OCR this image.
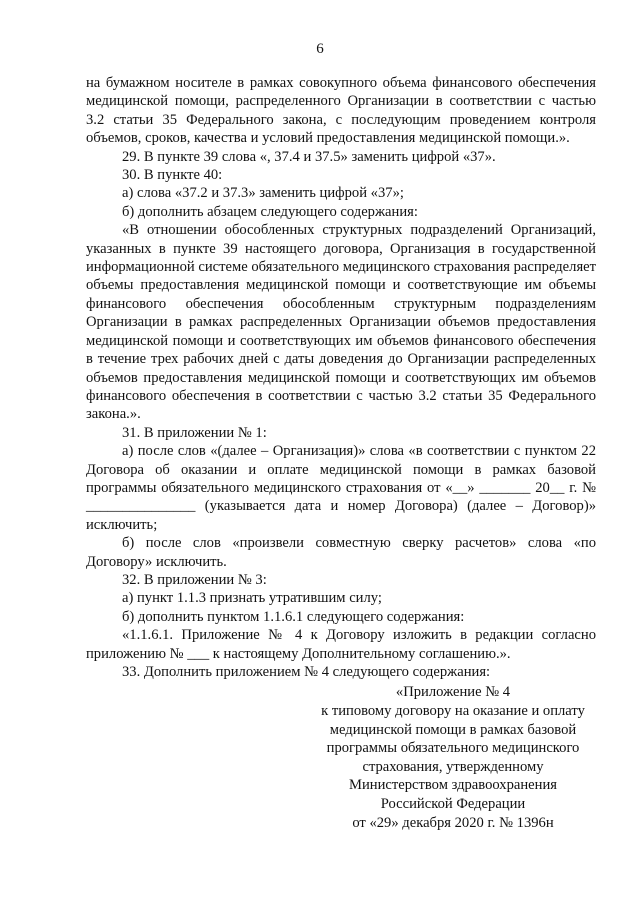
6

на бумажном носителе в рамках совокупного объема финансового обеспечения медицинской помощи, распределенного Организации в соответствии с частью 3.2 статьи 35 Федерального закона, с последующим проведением контроля объемов, сроков, качества и условий предоставления медицинской помощи.».

29. В пункте 39 слова «, 37.4 и 37.5» заменить цифрой «37».

30. В пункте 40:

а) слова «37.2 и 37.3» заменить цифрой «37»;

б) дополнить абзацем следующего содержания:

«В отношении обособленных структурных подразделений Организаций, указанных в пункте 39 настоящего договора, Организация в государственной информационной системе обязательного медицинского страхования распределяет объемы предоставления медицинской помощи и соответствующие им объемы финансового обеспечения обособленным структурным подразделениям Организации в рамках распределенных Организации объемов предоставления медицинской помощи и соответствующих им объемов финансового обеспечения в течение трех рабочих дней с даты доведения до Организации распределенных объемов предоставления медицинской помощи и соответствующих им объемов финансового обеспечения в соответствии с частью 3.2 статьи 35 Федерального закона.».

31. В приложении № 1:

а) после слов «(далее – Организация)» слова «в соответствии с пунктом 22 Договора об оказании и оплате медицинской помощи в рамках базовой программы обязательного медицинского страхования от «__» _______ 20__ г. № _______________ (указывается дата и номер Договора) (далее – Договор)» исключить;

б) после слов «произвели совместную сверку расчетов» слова «по Договору» исключить.

32. В приложении № 3:

а) пункт 1.1.3 признать утратившим силу;

б) дополнить пунктом 1.1.6.1 следующего содержания:

«1.1.6.1. Приложение № 4 к Договору изложить в редакции согласно приложению № ___ к настоящему Дополнительному соглашению.».

33. Дополнить приложением № 4 следующего содержания:

«Приложение № 4
к типовому договору на оказание и оплату
медицинской помощи в рамках базовой
программы обязательного медицинского
страхования, утвержденному
Министерством здравоохранения
Российской Федерации
от «29» декабря 2020 г. № 1396н
